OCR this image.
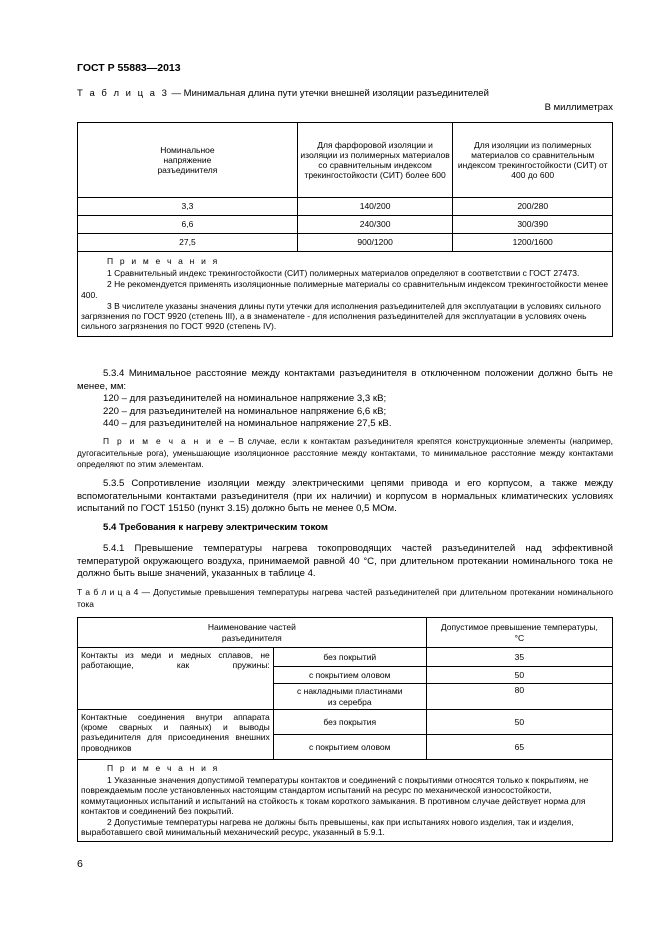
ГОСТ Р 55883—2013
Т а б л и ц а 3 — Минимальная длина пути утечки внешней изоляции разъединителей
В миллиметрах
Номинальное напряжение разъединителя	Для фарфоровой изоляции и изоляции из полимерных материалов со сравнительным индексом трекингостойкости (СИТ) более 600	Для изоляции из полимерных материалов со сравнительным индексом трекингостойкости (СИТ) от 400 до 600
3,3	140/200	200/280
6,6	240/300	300/390
27,5	900/1200	1200/1600

П р и м е ч а н и я
1 Сравнительный индекс трекингостойкости (СИТ) полимерных материалов определяют в соответствии с ГОСТ 27473.
2 Не рекомендуется применять изоляционные полимерные материалы со сравнительным индексом трекингостойкости менее 400.
3 В числителе указаны значения длины пути утечки для исполнения разъединителей для эксплуатации в условиях сильного загрязнения по ГОСТ 9920 (степень III), а в знаменателе - для исполнения разъединителей для эксплуатации в условиях очень сильного загрязнения по ГОСТ 9920 (степень IV).		
5.3.4 Минимальное расстояние между контактами разъединителя в отключенном положении должно быть не менее, мм:
120 – для разъединителей на номинальное напряжение 3,3 кВ;
220 – для разъединителей на номинальное напряжение 6,6 кВ;
440 – для разъединителей на номинальное напряжение 27,5 кВ.
П р и м е ч а н и е – В случае, если к контактам разъединителя крепятся конструкционные элементы (например, дугогасительные рога), уменьшающие изоляционное расстояние между контактами, то минимальное расстояние между контактами определяют по этим элементам.
5.3.5 Сопротивление изоляции между электрическими цепями привода и его корпусом, а также между вспомогательными контактами разъединителя (при их наличии) и корпусом в нормальных климатических условиях испытаний по ГОСТ 15150 (пункт 3.15) должно быть не менее 0,5 МОм.
5.4 Требования к нагреву электрическим током
5.4.1 Превышение температуры нагрева токопроводящих частей разъединителей над эффективной температурой окружающего воздуха, принимаемой равной 40 °С, при длительном протекании номинального тока не должно быть выше значений, указанных в таблице 4.
Т а б л и ц а 4 — Допустимые превышения температуры нагрева частей разъединителей при длительном протекании номинального тока
Наименование частей разъединителя		Допустимое превышение температуры, °С
Контакты из меди и медных сплавов, не работающие, как пружины:	без покрытий	35
	с покрытием оловом	50
	с накладными пластинами из серебра	80
Контактные соединения внутри аппарата (кроме сварных и паяных) и выводы разъединителя для присоединения внешних проводников	без покрытия	50
	с покрытием оловом	65

П р и м е ч а н и я
1 Указанные значения допустимой температуры контактов и соединений с покрытиями относятся только к покрытиям, не повреждаемым после установленных настоящим стандартом испытаний на ресурс по механической износостойкости, коммутационных испытаний и испытаний на стойкость к токам короткого замыкания. В противном случае действует норма для контактов и соединений без покрытий.
2 Допустимые температуры нагрева не должны быть превышены, как при испытаниях нового изделия, так и изделия, выработавшего свой минимальный механический ресурс, указанный в 5.9.1.		
6
